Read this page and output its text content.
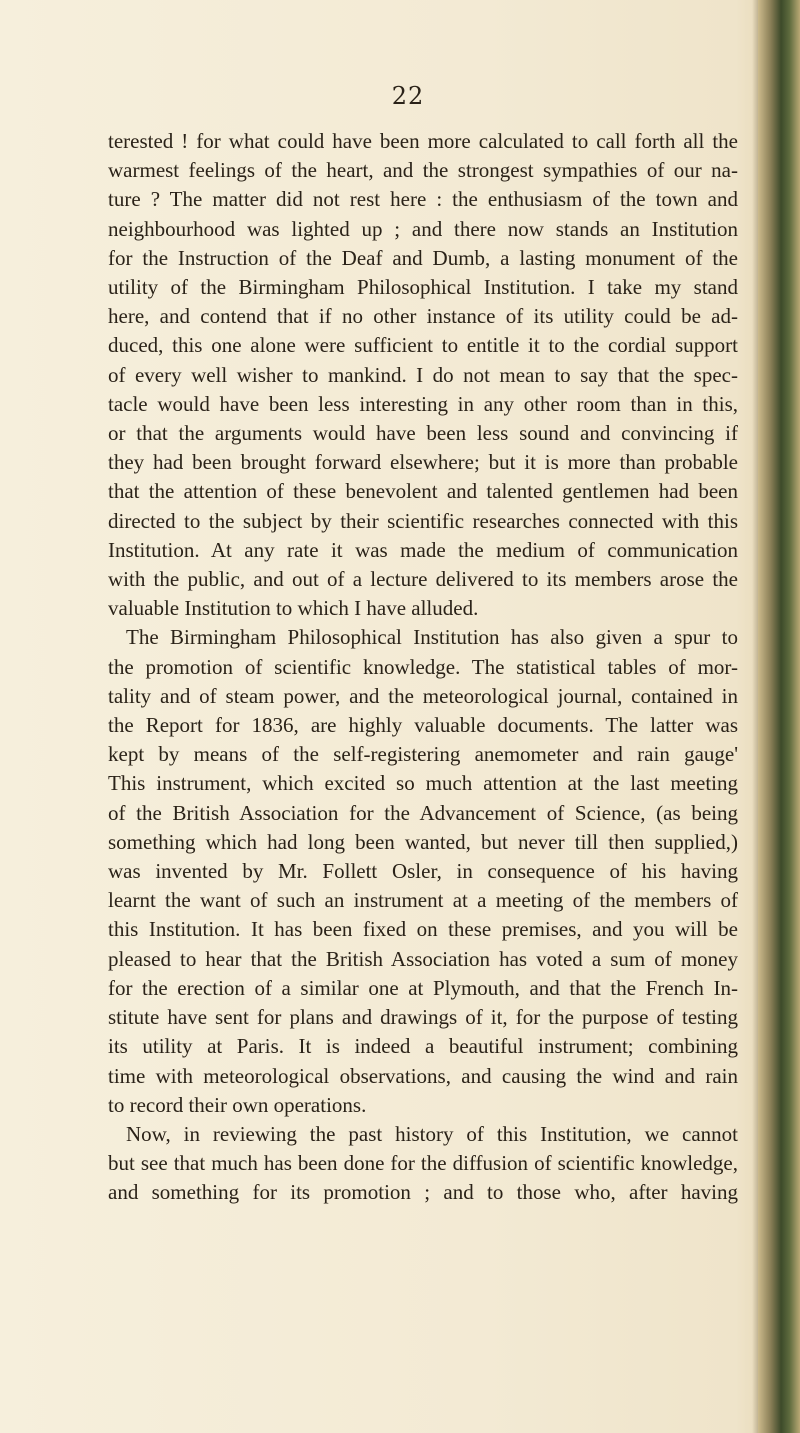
22
terested ! for what could have been more calculated to call forth all the
warmest feelings of the heart, and the strongest sympathies of our na-
ture ? The matter did not rest here : the enthusiasm of the town and
neighbourhood was lighted up ; and there now stands an Institution
for the Instruction of the Deaf and Dumb, a lasting monument of the
utility of the Birmingham Philosophical Institution. I take my stand
here, and contend that if no other instance of its utility could be ad-
duced, this one alone were sufficient to entitle it to the cordial support
of every well wisher to mankind. I do not mean to say that the spec-
tacle would have been less interesting in any other room than in this,
or that the arguments would have been less sound and convincing if
they had been brought forward elsewhere; but it is more than probable
that the attention of these benevolent and talented gentlemen had been
directed to the subject by their scientific researches connected with this
Institution. At any rate it was made the medium of communication
with the public, and out of a lecture delivered to its members arose the
valuable Institution to which I have alluded.
The Birmingham Philosophical Institution has also given a spur to
the promotion of scientific knowledge. The statistical tables of mor-
tality and of steam power, and the meteorological journal, contained in
the Report for 1836, are highly valuable documents. The latter was
kept by means of the self-registering anemometer and rain gauge'
This instrument, which excited so much attention at the last meeting
of the British Association for the Advancement of Science, (as being
something which had long been wanted, but never till then supplied,)
was invented by Mr. Follett Osler, in consequence of his having
learnt the want of such an instrument at a meeting of the members of
this Institution. It has been fixed on these premises, and you will be
pleased to hear that the British Association has voted a sum of money
for the erection of a similar one at Plymouth, and that the French In-
stitute have sent for plans and drawings of it, for the purpose of testing
its utility at Paris. It is indeed a beautiful instrument; combining
time with meteorological observations, and causing the wind and rain
to record their own operations.
Now, in reviewing the past history of this Institution, we cannot
but see that much has been done for the diffusion of scientific knowledge,
and something for its promotion ; and to those who, after having
